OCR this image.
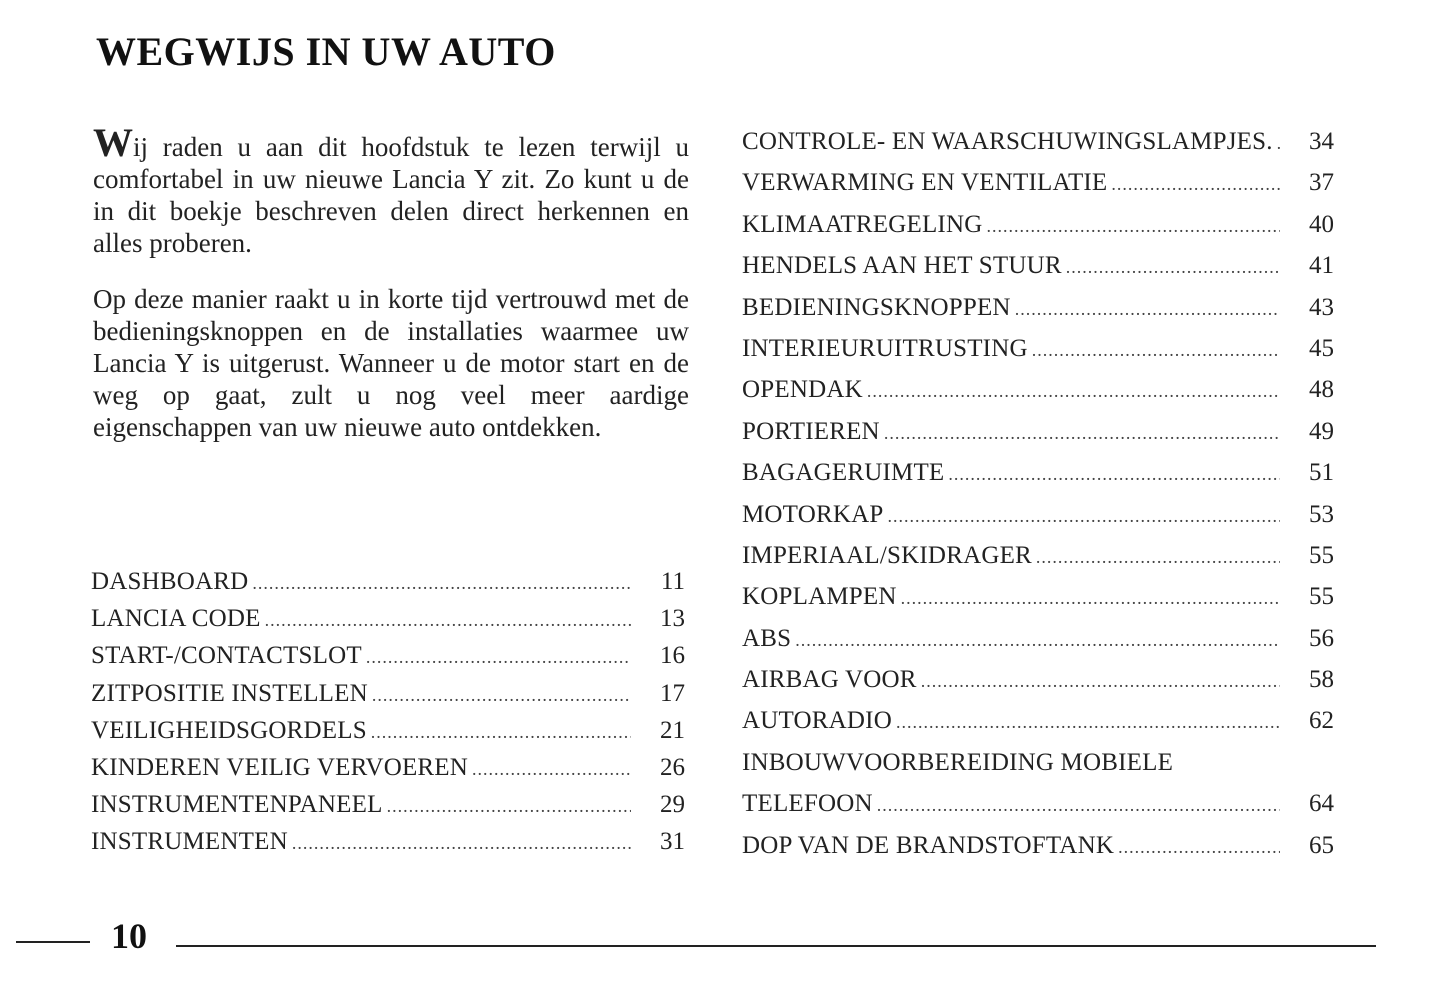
WEGWIJS IN UW AUTO

Wij raden u aan dit hoofdstuk te lezen terwijl u comfortabel in uw nieuwe Lancia Y zit. Zo kunt u de in dit boekje beschreven delen direct herkennen en alles proberen.

Op deze manier raakt u in korte tijd vertrouwd met de bedieningsknoppen en de installaties waarmee uw Lancia Y is uitgerust. Wanneer u de motor start en de weg op gaat, zult u nog veel meer aardige eigenschappen van uw nieuwe auto ontdekken.

DASHBOARD .....	11
LANCIA CODE .....	13
START-/CONTACTSLOT .....	16
ZITPOSITIE INSTELLEN .....	17
VEILIGHEIDSGORDELS .....	21
KINDEREN VEILIG VERVOEREN .....	26
INSTRUMENTENPANEEL .....	29
INSTRUMENTEN .....	31
CONTROLE- EN WAARSCHUWINGSLAMPJES. .....	34
VERWARMING EN VENTILATIE .....	37
KLIMAATREGELING .....	40
HENDELS AAN HET STUUR .....	41
BEDIENINGSKNOPPEN .....	43
INTERIEURUITRUSTING .....	45
OPENDAK .....	48
PORTIEREN .....	49
BAGAGERUIMTE .....	51
MOTORKAP .....	53
IMPERIAAL/SKIDRAGER .....	55
KOPLAMPEN .....	55
ABS .....	56
AIRBAG VOOR .....	58
AUTORADIO .....	62
INBOUWVOORBEREIDING MOBIELE
TELEFOON .....	64
DOP VAN DE BRANDSTOFTANK .....	65
10
